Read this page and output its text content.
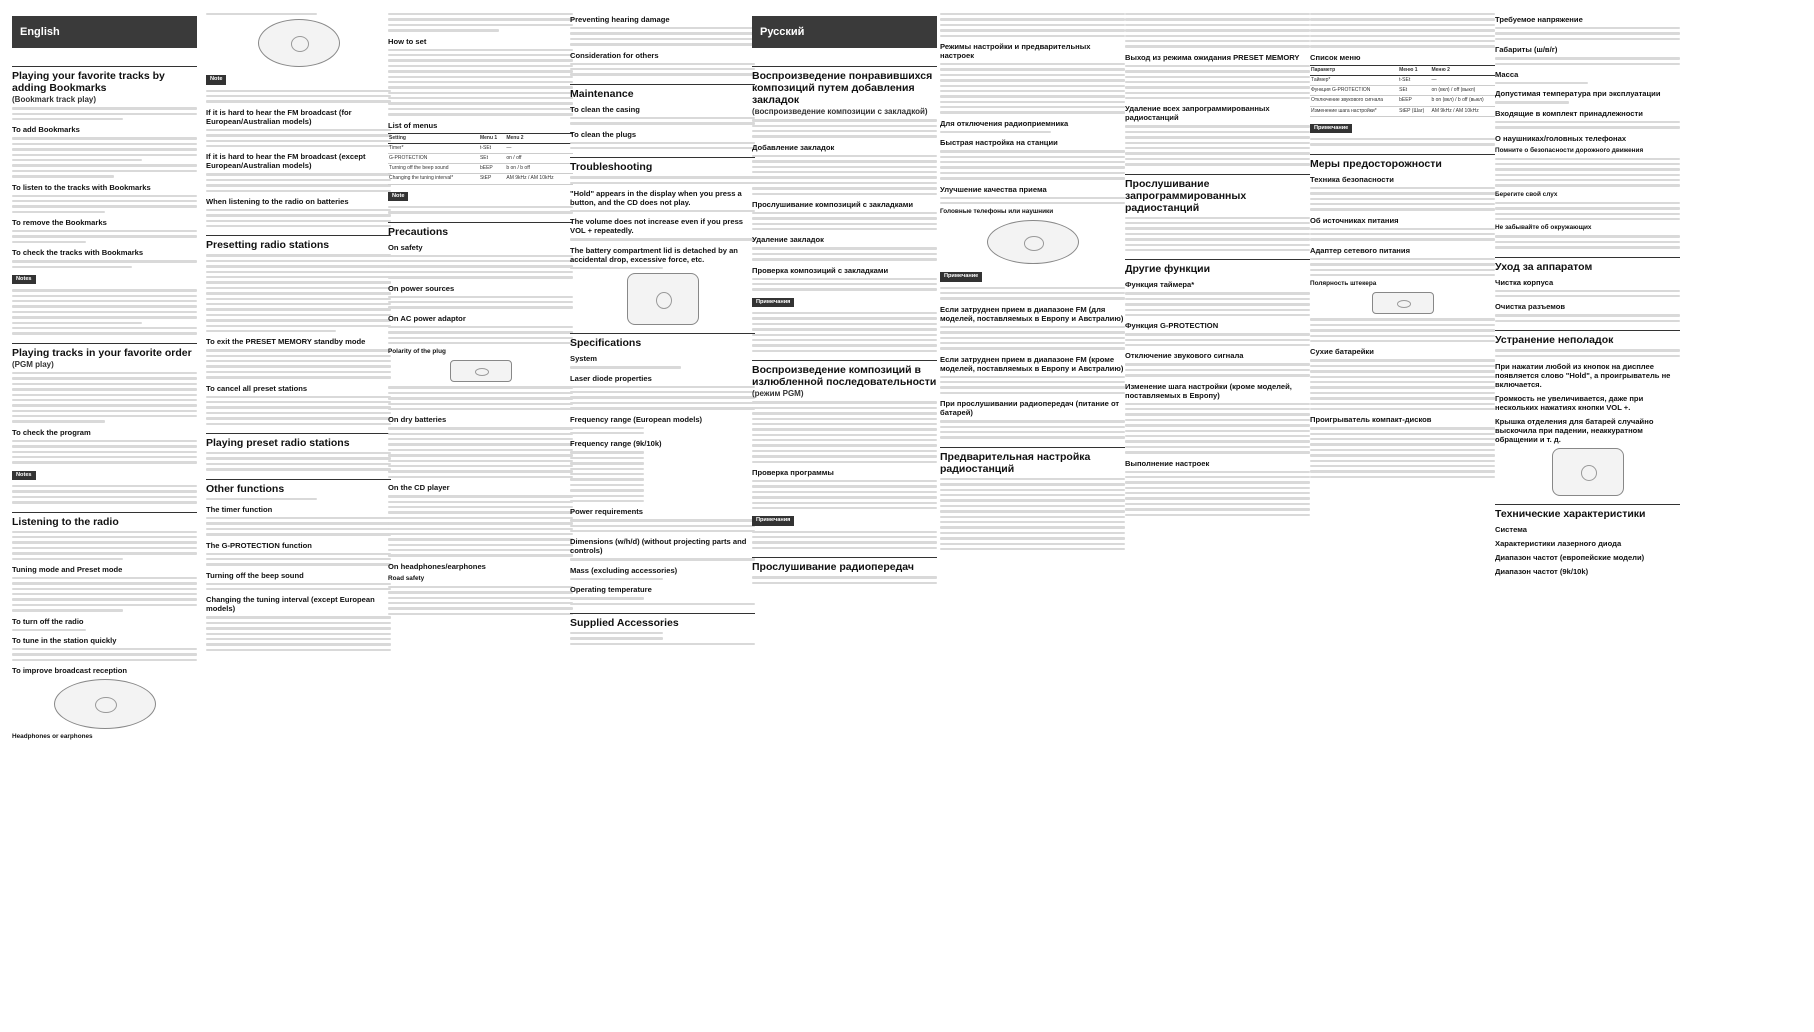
English
Playing your favorite tracks by adding Bookmarks
(Bookmark track play)
To add Bookmarks
To listen to the tracks with Bookmarks
To remove the Bookmarks
To check the tracks with Bookmarks
Notes
Playing tracks in your favorite order
(PGM play)
To check the program
Notes
Listening to the radio
Tuning mode and Preset mode
To turn off the radio
To tune in the station quickly
To improve broadcast reception
Headphones or earphones
Note
If it is hard to hear the FM broadcast (for European/Australian models)
If it is hard to hear the FM broadcast (except European/Australian models)
When listening to the radio on batteries
Presetting radio stations
To exit the PRESET MEMORY standby mode
To cancel all preset stations
Playing preset radio stations
Other functions
The timer function
The G-PROTECTION function
Turning off the beep sound
Changing the tuning interval (except European models)
How to set
List of menus
Setting	Menu 1	Menu 2
Timer*	t-SEt	—
G-PROTECTION	SEt	on / off
Turning off the beep sound	bEEP	b on / b off
Changing the tuning interval*	StEP	AM 9kHz / AM 10kHz
Note
Precautions
On safety
On power sources
On AC power adaptor
Polarity of the plug
On dry batteries
On the CD player
On headphones/earphones
Road safety
Preventing hearing damage
Consideration for others
Maintenance
To clean the casing
To clean the plugs
Troubleshooting
"Hold" appears in the display when you press a button, and the CD does not play.
The volume does not increase even if you press VOL + repeatedly.
The battery compartment lid is detached by an accidental drop, excessive force, etc.
Specifications
System
Laser diode properties
Frequency range (European models)
Frequency range (9k/10k)
Power requirements
Dimensions (w/h/d) (without projecting parts and controls)
Mass (excluding accessories)
Operating temperature
Supplied Accessories
Русский
Воспроизведение понравившихся композиций путем добавления закладок
(воспроизведение композиции с закладкой)
Добавление закладок
Прослушивание композиций с закладками
Удаление закладок
Проверка композиций с закладками
Примечания
Воспроизведение композиций в излюбленной последовательности
(режим PGM)
Проверка программы
Примечания
Прослушивание радиопередач
Режимы настройки и предварительных настроек
Для отключения радиоприемника
Быстрая настройка на станции
Улучшение качества приема
Головные телефоны или наушники
Примечание
Если затруднен прием в диапазоне FM (для моделей, поставляемых в Европу и Австралию)
Если затруднен прием в диапазоне FM (кроме моделей, поставляемых в Европу и Австралию)
При прослушивании радиопередач (питание от батарей)
Предварительная настройка радиостанций
Выход из режима ожидания PRESET MEMORY
Удаление всех запрограммированных радиостанций
Прослушивание запрограммированных радиостанций
Другие функции
Функция таймера*
Функция G-PROTECTION
Отключение звукового сигнала
Изменение шага настройки (кроме моделей, поставляемых в Европу)
Выполнение настроек
Список меню
Параметр	Меню 1	Меню 2
Таймер*	t-SEt	—
Функция G-PROTECTION	SEt	on (вкл) / off (выкл)
Отключение звукового сигнала	bEEP	b on (вкл) / b off (выкл)
Изменение шага настройки*	StEP (Шаг)	AM 9kHz / AM 10kHz
Примечание
Меры предосторожности
Техника безопасности
Об источниках питания
Адаптер сетевого питания
Полярность штекера
Сухие батарейки
Проигрыватель компакт-дисков
Требуемое напряжение
Габариты (ш/в/г)
Масса
Допустимая температура при эксплуатации
Входящие в комплект принадлежности
О наушниках/головных телефонах
Помните о безопасности дорожного движения
Берегите свой слух
Не забывайте об окружающих
Уход за аппаратом
Чистка корпуса
Очистка разъемов
Устранение неполадок
При нажатии любой из кнопок на дисплее появляется слово "Hold", а проигрыватель не включается.
Громкость не увеличивается, даже при нескольких нажатиях кнопки VOL +.
Крышка отделения для батарей случайно выскочила при падении, неаккуратном обращении и т. д.
Технические характеристики
Система
Характеристики лазерного диода
Диапазон частот (европейские модели)
Диапазон частот (9k/10k)
